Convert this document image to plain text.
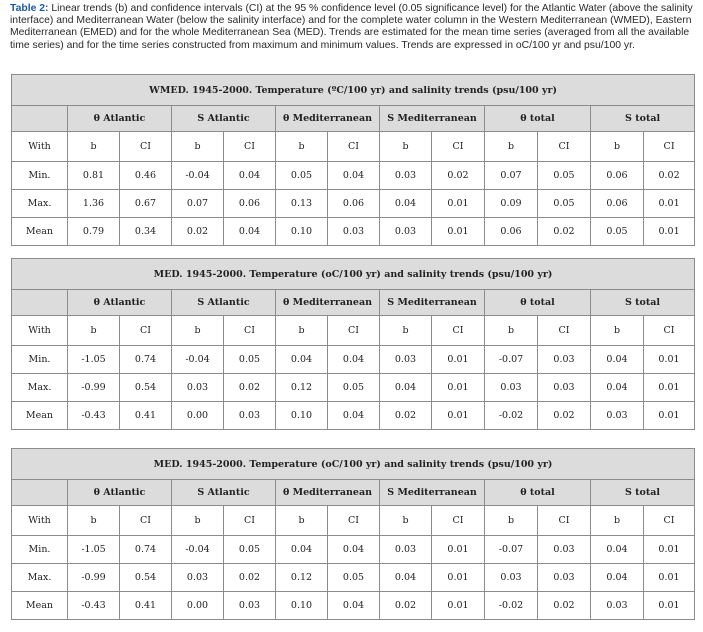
Table 2: Linear trends (b) and confidence intervals (CI) at the 95 % confidence level (0.05 significance level) for the Atlantic Water (above the salinity interface) and Mediterranean Water (below the salinity interface) and for the complete water column in the Western Mediterranean (WMED), Eastern Mediterranean (EMED) and for the whole Mediterranean Sea (MED). Trends are estimated for the mean time series (averaged from all the available time series) and for the time series constructed from maximum and minimum values. Trends are expressed in oC/100 yr and psu/100 yr.
WMED. 1945-2000. Temperature (ºC/100 yr) and salinity trends (psu/100 yr)												
	θ Atlantic		S Atlantic		θ Mediterranean		S Mediterranean		θ total		S total	
With	b	CI	b	CI	b	CI	b	CI	b	CI	b	CI
Min.	0.81	0.46	-0.04	0.04	0.05	0.04	0.03	0.02	0.07	0.05	0.06	0.02
Max.	1.36	0.67	0.07	0.06	0.13	0.06	0.04	0.01	0.09	0.05	0.06	0.01
Mean	0.79	0.34	0.02	0.04	0.10	0.03	0.03	0.01	0.06	0.02	0.05	0.01
MED. 1945-2000. Temperature (oC/100 yr) and salinity trends (psu/100 yr)												
	θ Atlantic		S Atlantic		θ Mediterranean		S Mediterranean		θ total		S total	
With	b	CI	b	CI	b	CI	b	CI	b	CI	b	CI
Min.	-1.05	0.74	-0.04	0.05	0.04	0.04	0.03	0.01	-0.07	0.03	0.04	0.01
Max.	-0.99	0.54	0.03	0.02	0.12	0.05	0.04	0.01	0.03	0.03	0.04	0.01
Mean	-0.43	0.41	0.00	0.03	0.10	0.04	0.02	0.01	-0.02	0.02	0.03	0.01
MED. 1945-2000. Temperature (oC/100 yr) and salinity trends (psu/100 yr)												
	θ Atlantic		S Atlantic		θ Mediterranean		S Mediterranean		θ total		S total	
With	b	CI	b	CI	b	CI	b	CI	b	CI	b	CI
Min.	-1.05	0.74	-0.04	0.05	0.04	0.04	0.03	0.01	-0.07	0.03	0.04	0.01
Max.	-0.99	0.54	0.03	0.02	0.12	0.05	0.04	0.01	0.03	0.03	0.04	0.01
Mean	-0.43	0.41	0.00	0.03	0.10	0.04	0.02	0.01	-0.02	0.02	0.03	0.01
